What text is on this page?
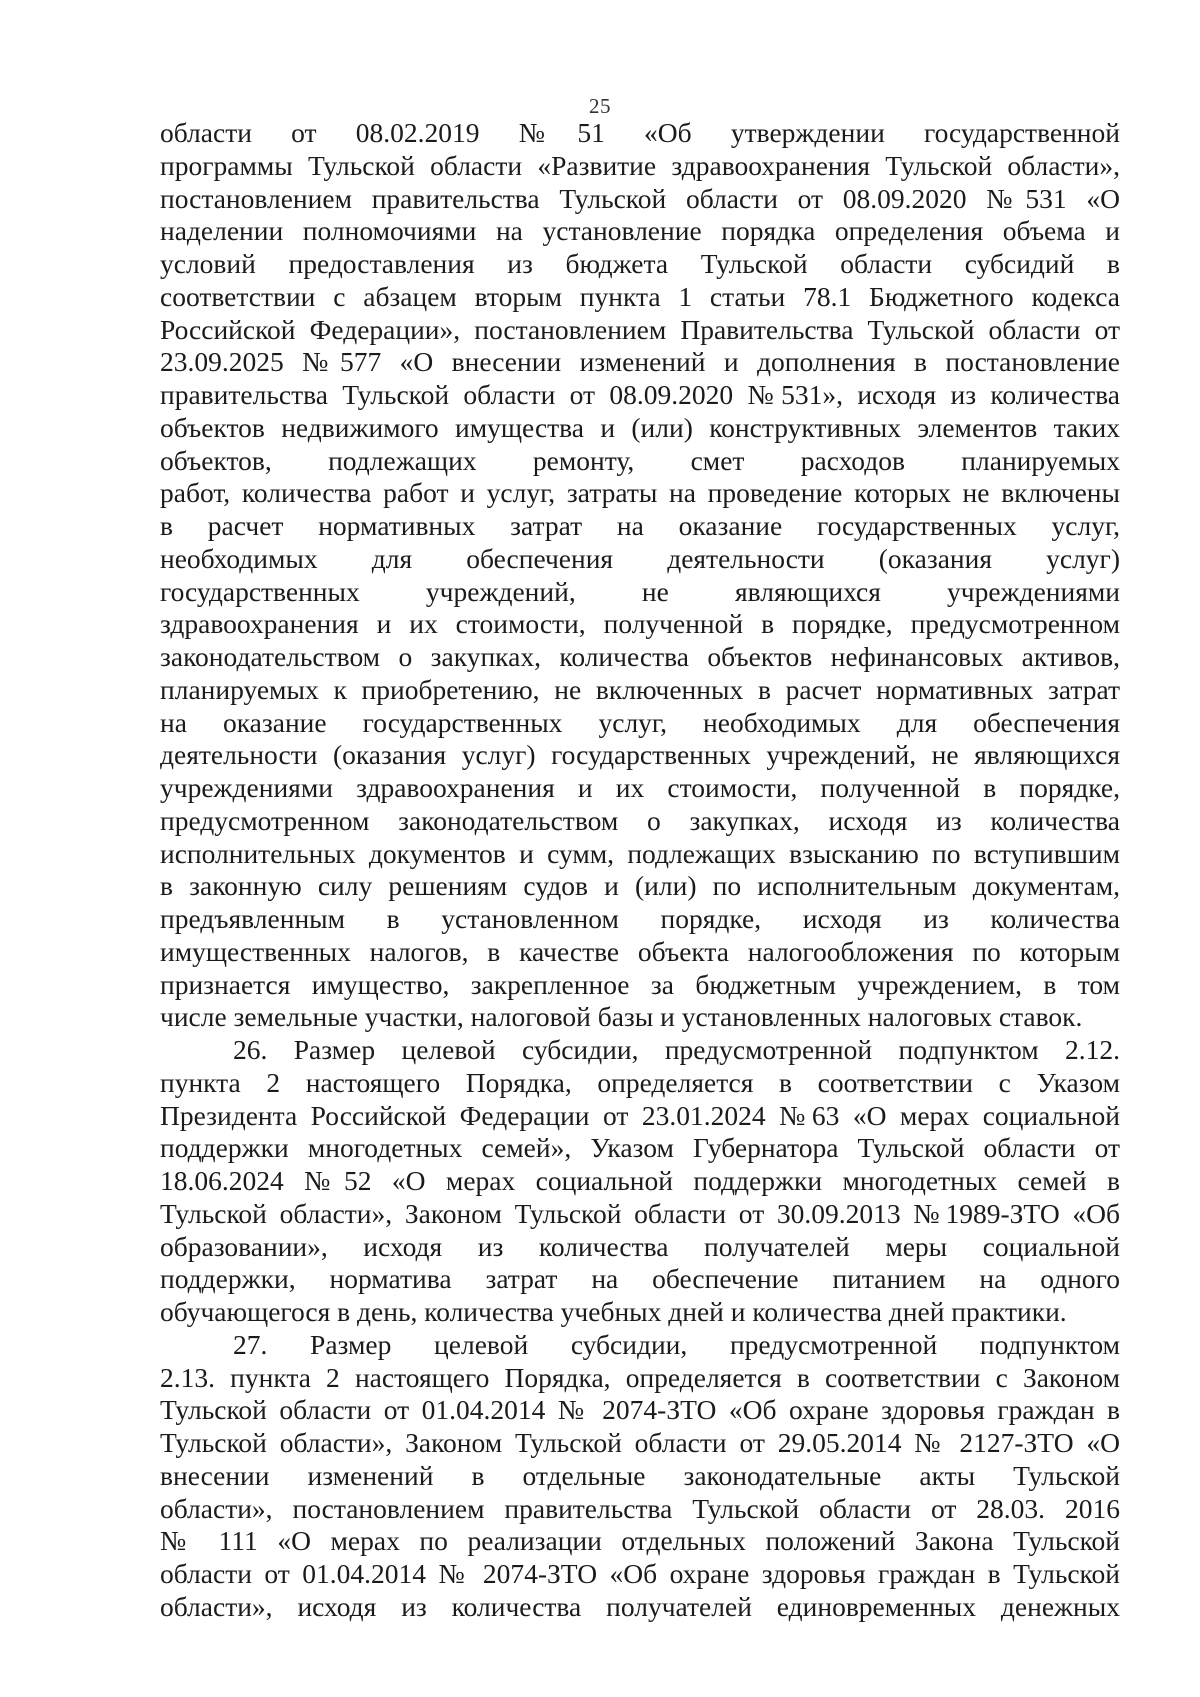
25
области от 08.02.2019 №51 «Об утверждении государственной
программы Тульской области «Развитие здравоохранения Тульской области»,
постановлением правительства Тульской области от 08.09.2020 №531 «О
наделении полномочиями на установление порядка определения объема и
условий предоставления из бюджета Тульской области субсидий в
соответствии с абзацем вторым пункта 1 статьи 78.1 Бюджетного кодекса
Российской Федерации», постановлением Правительства Тульской области от
23.09.2025 №577 «О внесении изменений и дополнения в постановление
правительства Тульской области от 08.09.2020 №531», исходя из количества
объектов недвижимого имущества и (или) конструктивных элементов таких
объектов, подлежащих ремонту, смет расходов планируемых
работ, количества работ и услуг, затраты на проведение которых не включены
в расчет нормативных затрат на оказание государственных услуг,
необходимых для обеспечения деятельности (оказания услуг)
государственных учреждений, не являющихся учреждениями
здравоохранения и их стоимости, полученной в порядке, предусмотренном
законодательством о закупках, количества объектов нефинансовых активов,
планируемых к приобретению, не включенных в расчет нормативных затрат
на оказание государственных услуг, необходимых для обеспечения
деятельности (оказания услуг) государственных учреждений, не являющихся
учреждениями здравоохранения и их стоимости, полученной в порядке,
предусмотренном законодательством о закупках, исходя из количества
исполнительных документов и сумм, подлежащих взысканию по вступившим
в законную силу решениям судов и (или) по исполнительным документам,
предъявленным в установленном порядке, исходя из количества
имущественных налогов, в качестве объекта налогообложения по которым
признается имущество, закрепленное за бюджетным учреждением, в том
числе земельные участки, налоговой базы и установленных налоговых ставок.
26. Размер целевой субсидии, предусмотренной подпунктом 2.12.
пункта 2 настоящего Порядка, определяется в соответствии с Указом
Президента Российской Федерации от 23.01.2024 №63 «О мерах социальной
поддержки многодетных семей», Указом Губернатора Тульской области от
18.06.2024 №52 «О мерах социальной поддержки многодетных семей в
Тульской области», Законом Тульской области от 30.09.2013 №1989-ЗТО «Об
образовании», исходя из количества получателей меры социальной
поддержки, норматива затрат на обеспечение питанием на одного
обучающегося в день, количества учебных дней и количества дней практики.
27. Размер целевой субсидии, предусмотренной подпунктом
2.13. пункта 2 настоящего Порядка, определяется в соответствии с Законом
Тульской области от 01.04.2014 № 2074-ЗТО «Об охране здоровья граждан в
Тульской области», Законом Тульской области от 29.05.2014 № 2127-ЗТО «О
внесении изменений в отдельные законодательные акты Тульской
области», постановлением правительства Тульской области от 28.03. 2016
№ 111 «О мерах по реализации отдельных положений Закона Тульской
области от 01.04.2014 № 2074-ЗТО «Об охране здоровья граждан в Тульской
области», исходя из количества получателей единовременных денежных
